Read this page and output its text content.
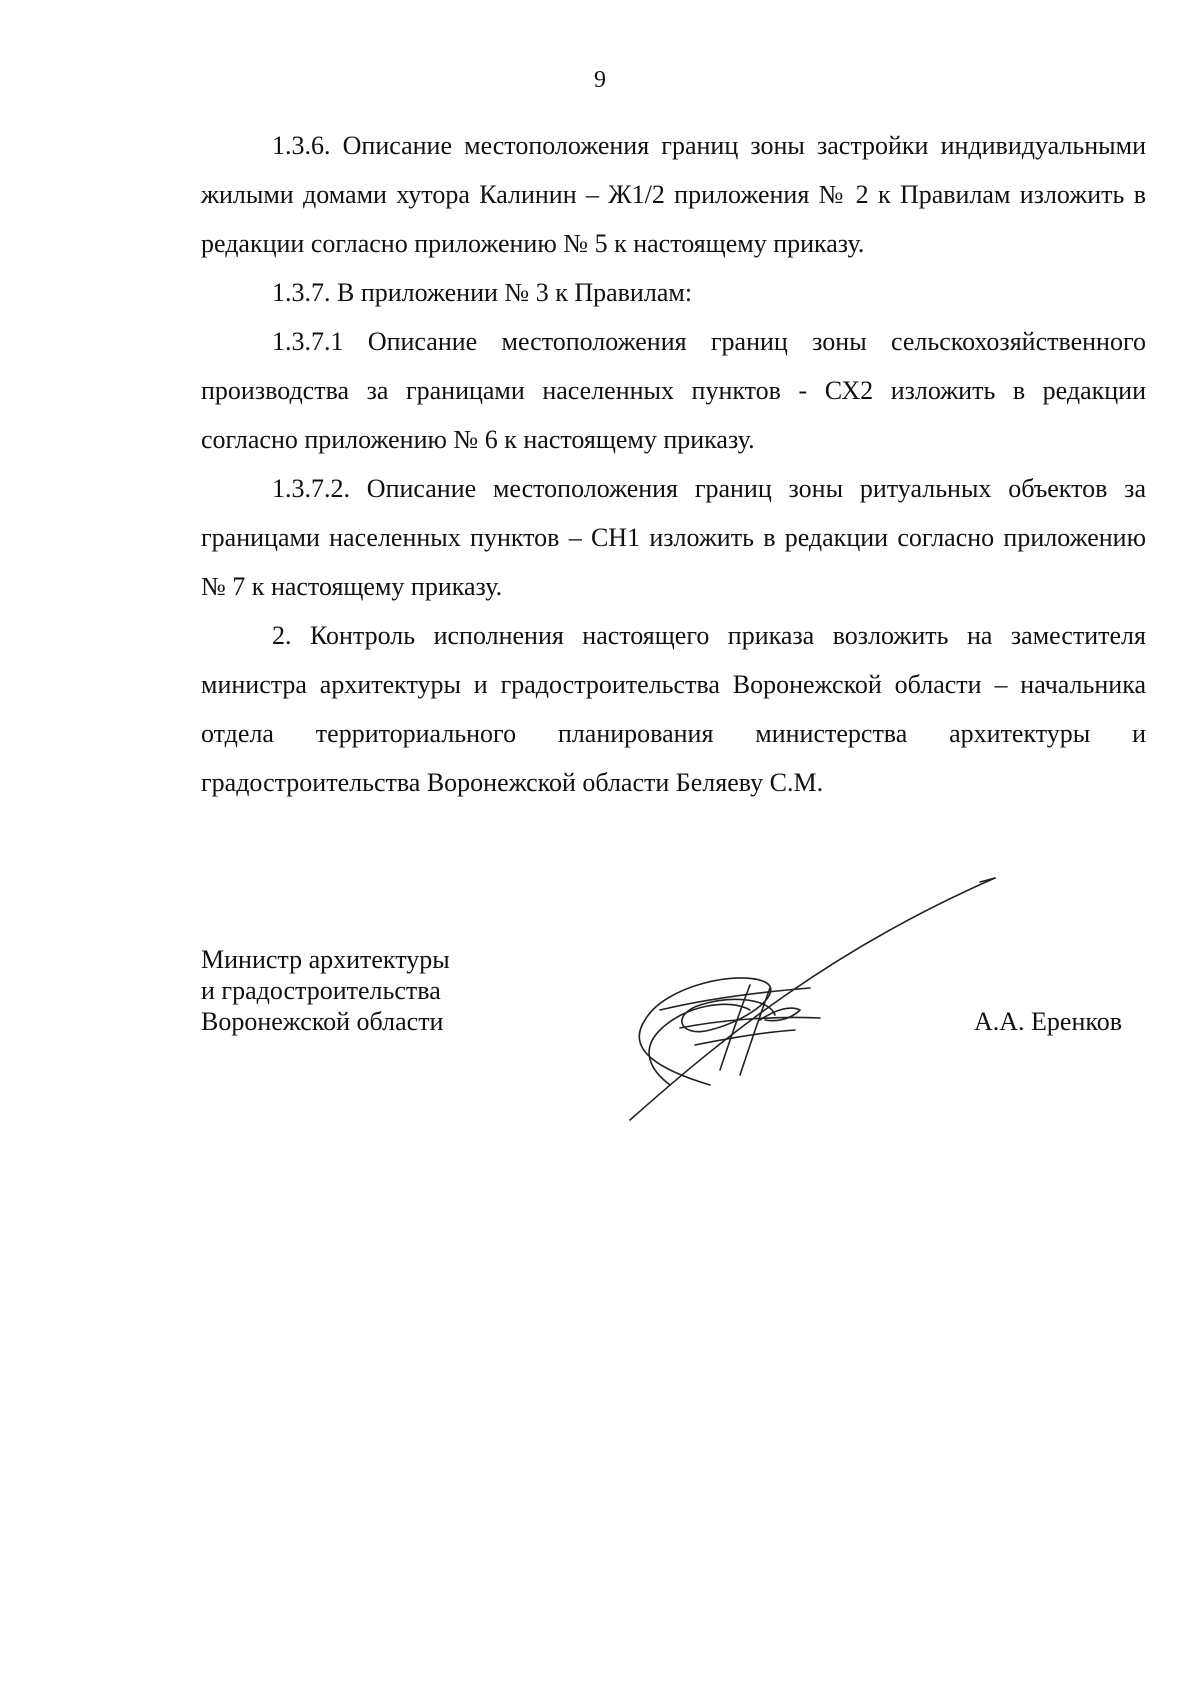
9

1.3.6. Описание местоположения границ зоны застройки индивидуальными жилыми домами хутора Калинин – Ж1/2 приложения № 2 к Правилам изложить в редакции согласно приложению № 5 к настоящему приказу.

1.3.7. В приложении № 3 к Правилам:

1.3.7.1 Описание местоположения границ зоны сельскохозяйственного производства за границами населенных пунктов - СХ2 изложить в редакции согласно приложению № 6 к настоящему приказу.

1.3.7.2. Описание местоположения границ зоны ритуальных объектов за границами населенных пунктов – СН1 изложить в редакции согласно приложению № 7 к настоящему приказу.

2. Контроль исполнения настоящего приказа возложить на заместителя министра архитектуры и градостроительства Воронежской области – начальника отдела территориального планирования министерства архитектуры и градостроительства Воронежской области Беляеву С.М.

Министр архитектуры
и градостроительства
Воронежской области	А.А. Еренков
